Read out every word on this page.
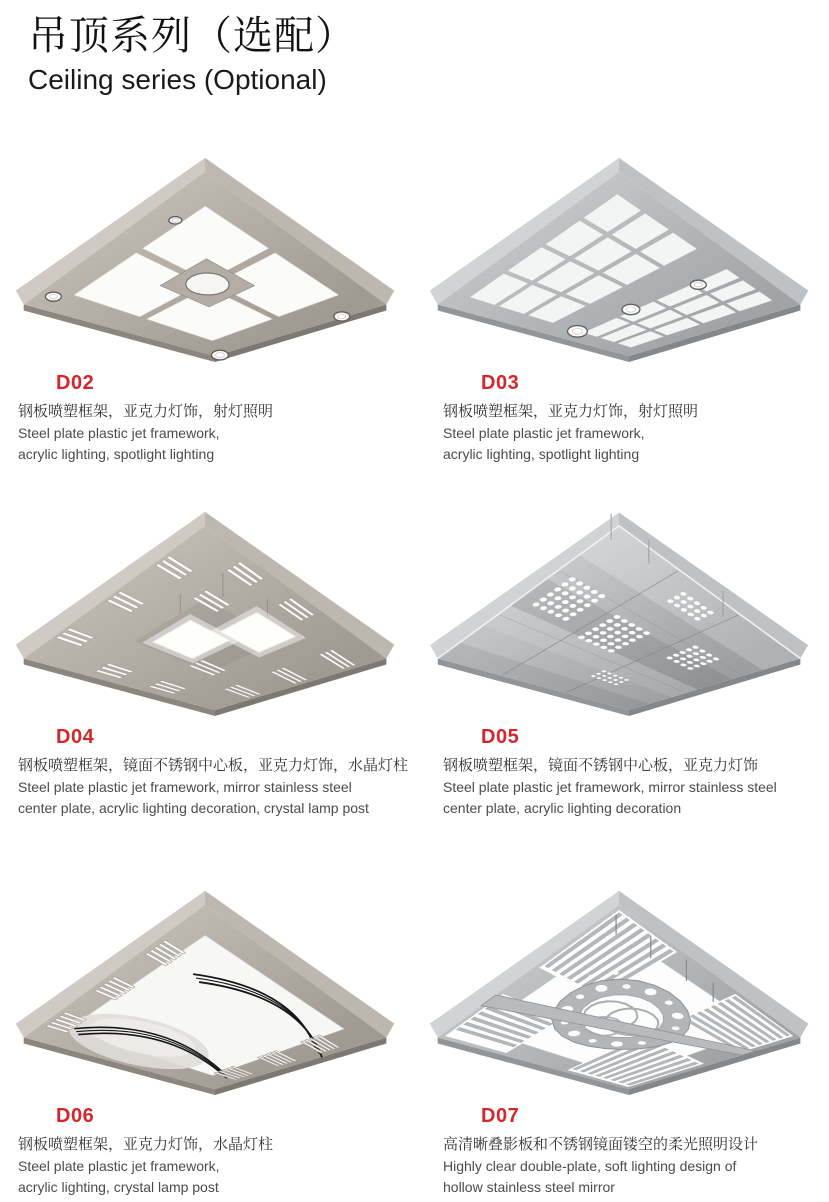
吊顶系列（选配）
Ceiling series (Optional)
D02
钢板喷塑框架，亚克力灯饰，射灯照明
Steel plate plastic jet framework,
acrylic lighting, spotlight lighting
D03
钢板喷塑框架，亚克力灯饰，射灯照明
Steel plate plastic jet framework,
acrylic lighting, spotlight lighting
D04
钢板喷塑框架，镜面不锈钢中心板，亚克力灯饰，水晶灯柱
Steel plate plastic jet framework, mirror stainless steel
center plate, acrylic lighting decoration, crystal lamp post
D05
钢板喷塑框架，镜面不锈钢中心板，亚克力灯饰
Steel plate plastic jet framework, mirror stainless steel
center plate, acrylic lighting decoration
D06
钢板喷塑框架，亚克力灯饰，水晶灯柱
Steel plate plastic jet framework,
acrylic lighting, crystal lamp post
D07
高清晰叠影板和不锈钢镜面镂空的柔光照明设计
Highly clear double-plate, soft lighting design of
hollow stainless steel mirror
